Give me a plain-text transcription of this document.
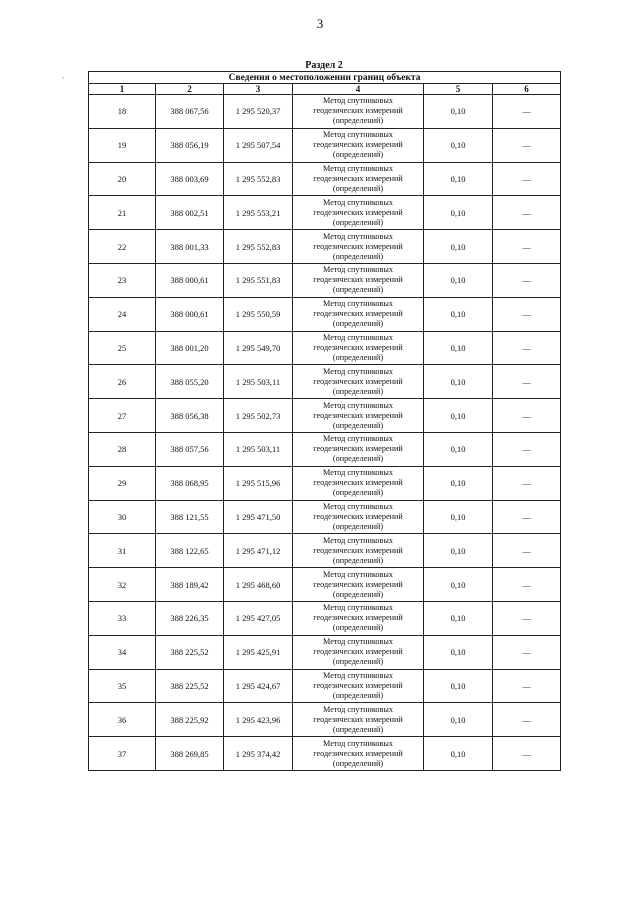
3
Раздел 2
·	Сведения о местоположении границ объекта					
1	2	3	4	5	6
18	388 067,56	1 295 520,37	Метод спутниковых
геодезических измерений
(определений)	0,10	—
19	388 056,19	1 295 507,54	Метод спутниковых
геодезических измерений
(определений)	0,10	—
20	388 003,69	1 295 552,83	Метод спутниковых
геодезических измерений
(определений)	0,10	—
21	388 002,51	1 295 553,21	Метод спутниковых
геодезических измерений
(определений)	0,10	—
22	388 001,33	1 295 552,83	Метод спутниковых
геодезических измерений
(определений)	0,10	—
23	388 000,61	1 295 551,83	Метод спутниковых
геодезических измерений
(определений)	0,10	—
24	388 000,61	1 295 550,59	Метод спутниковых
геодезических измерений
(определений)	0,10	—
25	388 001,20	1 295 549,70	Метод спутниковых
геодезических измерений
(определений)	0,10	—
26	388 055,20	1 295 503,11	Метод спутниковых
геодезических измерений
(определений)	0,10	—
27	388 056,38	1 295 502,73	Метод спутниковых
геодезических измерений
(определений)	0,10	—
28	388 057,56	1 295 503,11	Метод спутниковых
геодезических измерений
(определений)	0,10	—
29	388 068,95	1 295 515,96	Метод спутниковых
геодезических измерений
(определений)	0,10	—
30	388 121,55	1 295 471,50	Метод спутниковых
геодезических измерений
(определений)	0,10	—
31	388 122,65	1 295 471,12	Метод спутниковых
геодезических измерений
(определений)	0,10	—
32	388 189,42	1 295 468,60	Метод спутниковых
геодезических измерений
(определений)	0,10	—
33	388 226,35	1 295 427,05	Метод спутниковых
геодезических измерений
(определений)	0,10	—
34	388 225,52	1 295 425,91	Метод спутниковых
геодезических измерений
(определений)	0,10	—
35	388 225,52	1 295 424,67	Метод спутниковых
геодезических измерений
(определений)	0,10	—
36	388 225,92	1 295 423,96	Метод спутниковых
геодезических измерений
(определений)	0,10	—
37	388 269,85	1 295 374,42	Метод спутниковых
геодезических измерений
(определений)	0,10	—
